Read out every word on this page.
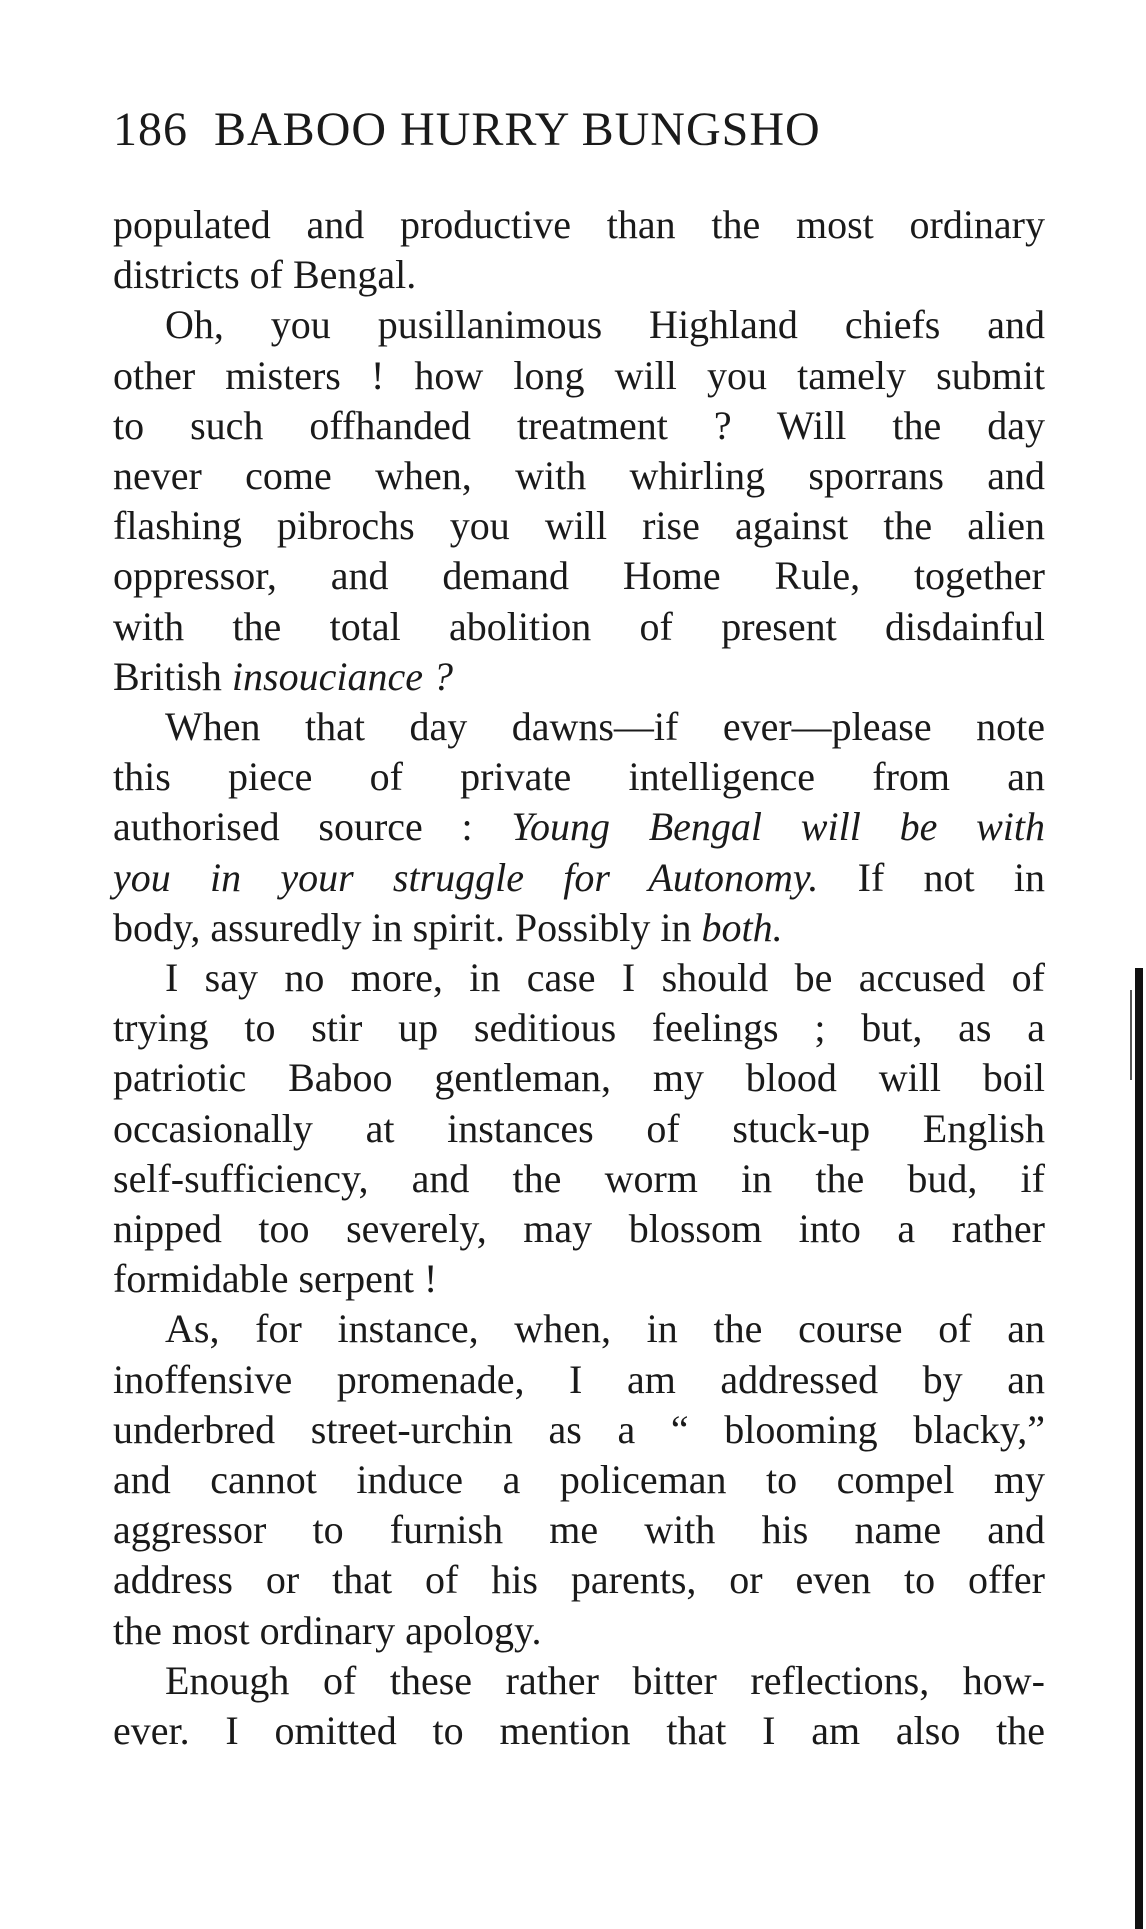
186 BABOO HURRY BUNGSHO

populated and productive than the most ordinary
districts of Bengal.

Oh, you pusillanimous Highland chiefs and
other misters ! how long will you tamely submit
to such offhanded treatment ? Will the day
never come when, with whirling sporrans and
flashing pibrochs you will rise against the alien
oppressor, and demand Home Rule, together
with the total abolition of present disdainful
British insouciance ?

When that day dawns—if ever—please note
this piece of private intelligence from an
authorised source : Young Bengal will be with
you in your struggle for Autonomy. If not in
body, assuredly in spirit. Possibly in both.

I say no more, in case I should be accused of
trying to stir up seditious feelings ; but, as a
patriotic Baboo gentleman, my blood will boil
occasionally at instances of stuck-up English
self-sufficiency, and the worm in the bud, if
nipped too severely, may blossom into a rather
formidable serpent !

As, for instance, when, in the course of an
inoffensive promenade, I am addressed by an
underbred street-urchin as a “ blooming blacky,”
and cannot induce a policeman to compel my
aggressor to furnish me with his name and
address or that of his parents, or even to offer
the most ordinary apology.

Enough of these rather bitter reflections, how-
ever. I omitted to mention that I am also the
